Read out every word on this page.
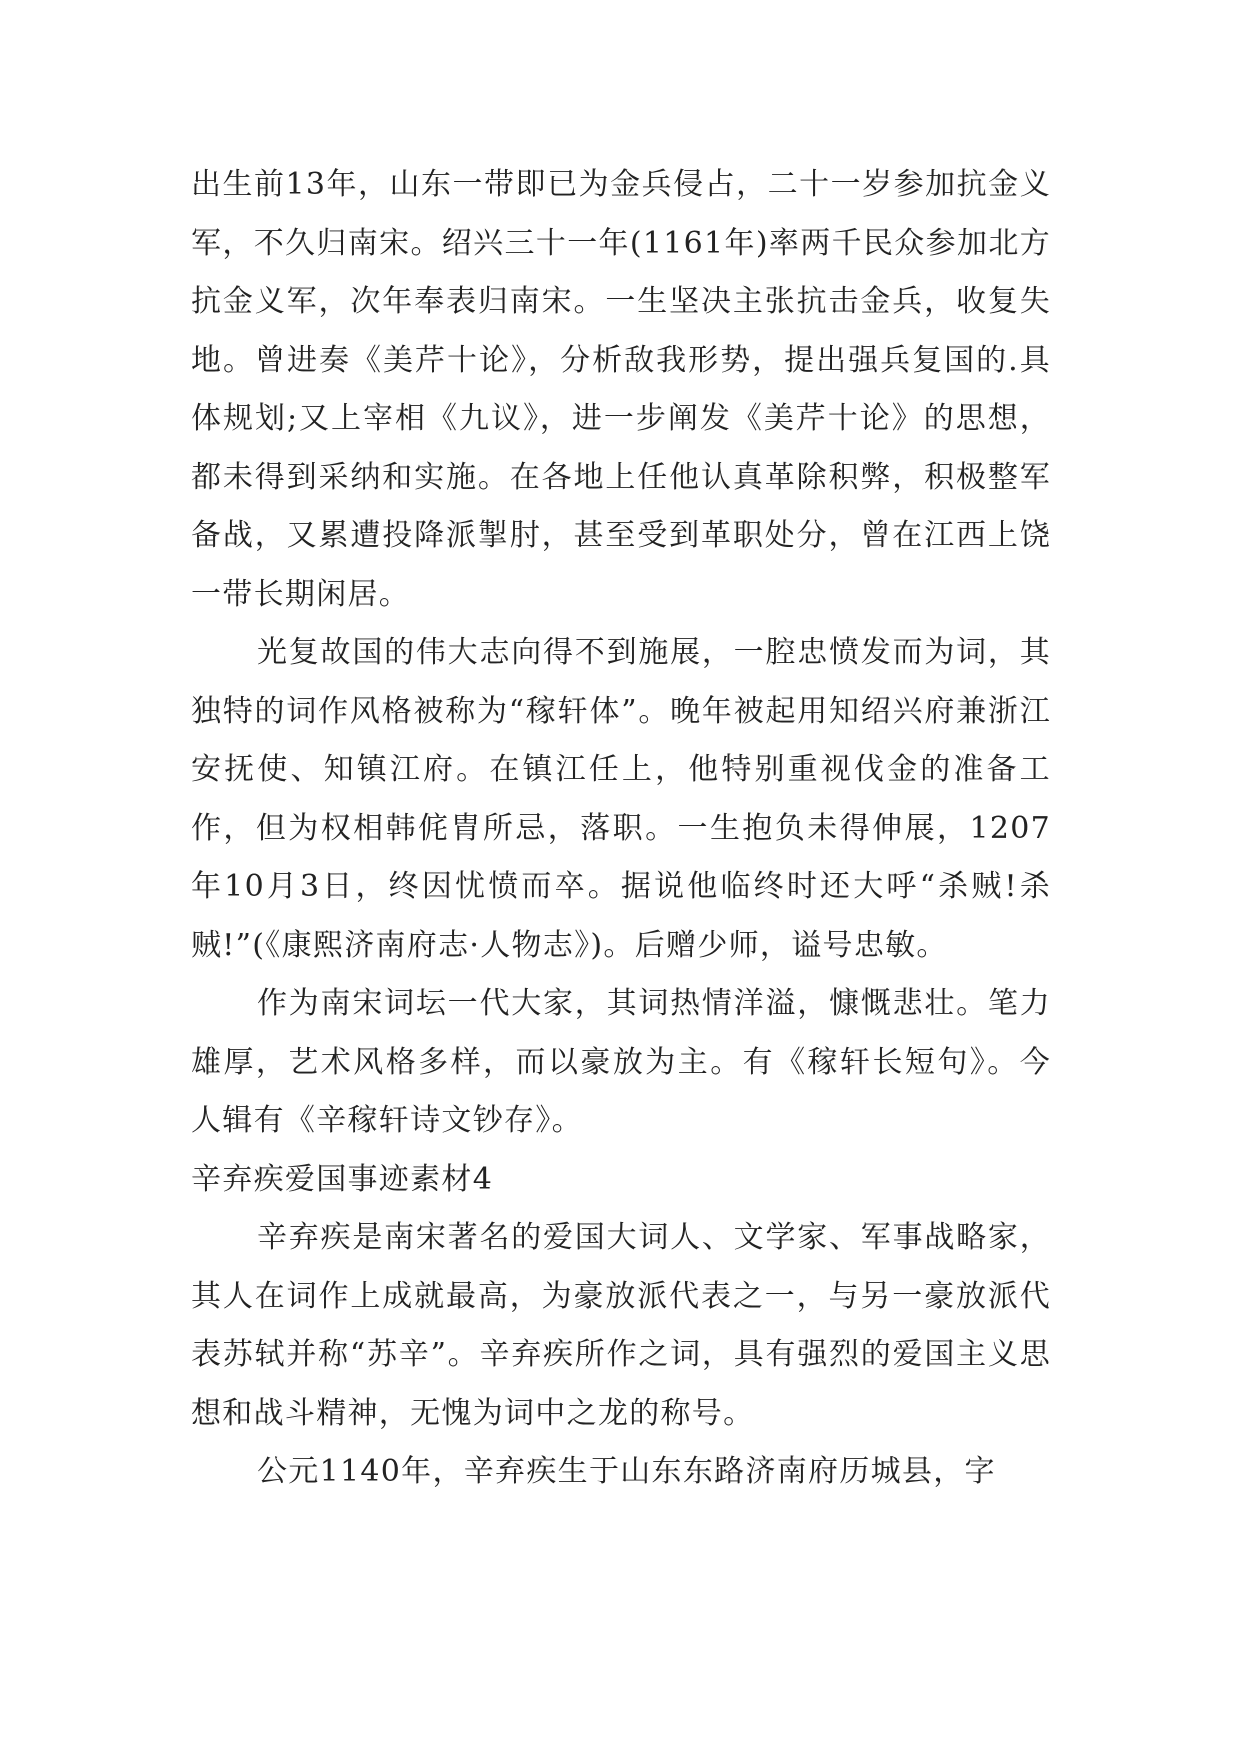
出生前13年，山东一带即已为金兵侵占，二十一岁参加抗金义军，不久归南宋。绍兴三十一年(1161年)率两千民众参加北方抗金义军，次年奉表归南宋。一生坚决主张抗击金兵，收复失地。曾进奏《美芹十论》，分析敌我形势，提出强兵复国的.具体规划;又上宰相《九议》，进一步阐发《美芹十论》的思想，都未得到采纳和实施。在各地上任他认真革除积弊，积极整军备战，又累遭投降派掣肘，甚至受到革职处分，曾在江西上饶一带长期闲居。

光复故国的伟大志向得不到施展，一腔忠愤发而为词，其独特的词作风格被称为“稼轩体”。晚年被起用知绍兴府兼浙江安抚使、知镇江府。在镇江任上，他特别重视伐金的准备工作，但为权相韩侂胄所忌，落职。一生抱负未得伸展，1207年10月3日，终因忧愤而卒。据说他临终时还大呼“杀贼!杀贼!”(《康熙济南府志·人物志》)。后赠少师，谥号忠敏。

作为南宋词坛一代大家，其词热情洋溢，慷慨悲壮。笔力雄厚，艺术风格多样，而以豪放为主。有《稼轩长短句》。今人辑有《辛稼轩诗文钞存》。

辛弃疾爱国事迹素材4

辛弃疾是南宋著名的爱国大词人、文学家、军事战略家，其人在词作上成就最高，为豪放派代表之一，与另一豪放派代表苏轼并称“苏辛”。辛弃疾所作之词，具有强烈的爱国主义思想和战斗精神，无愧为词中之龙的称号。

公元1140年，辛弃疾生于山东东路济南府历城县，字
